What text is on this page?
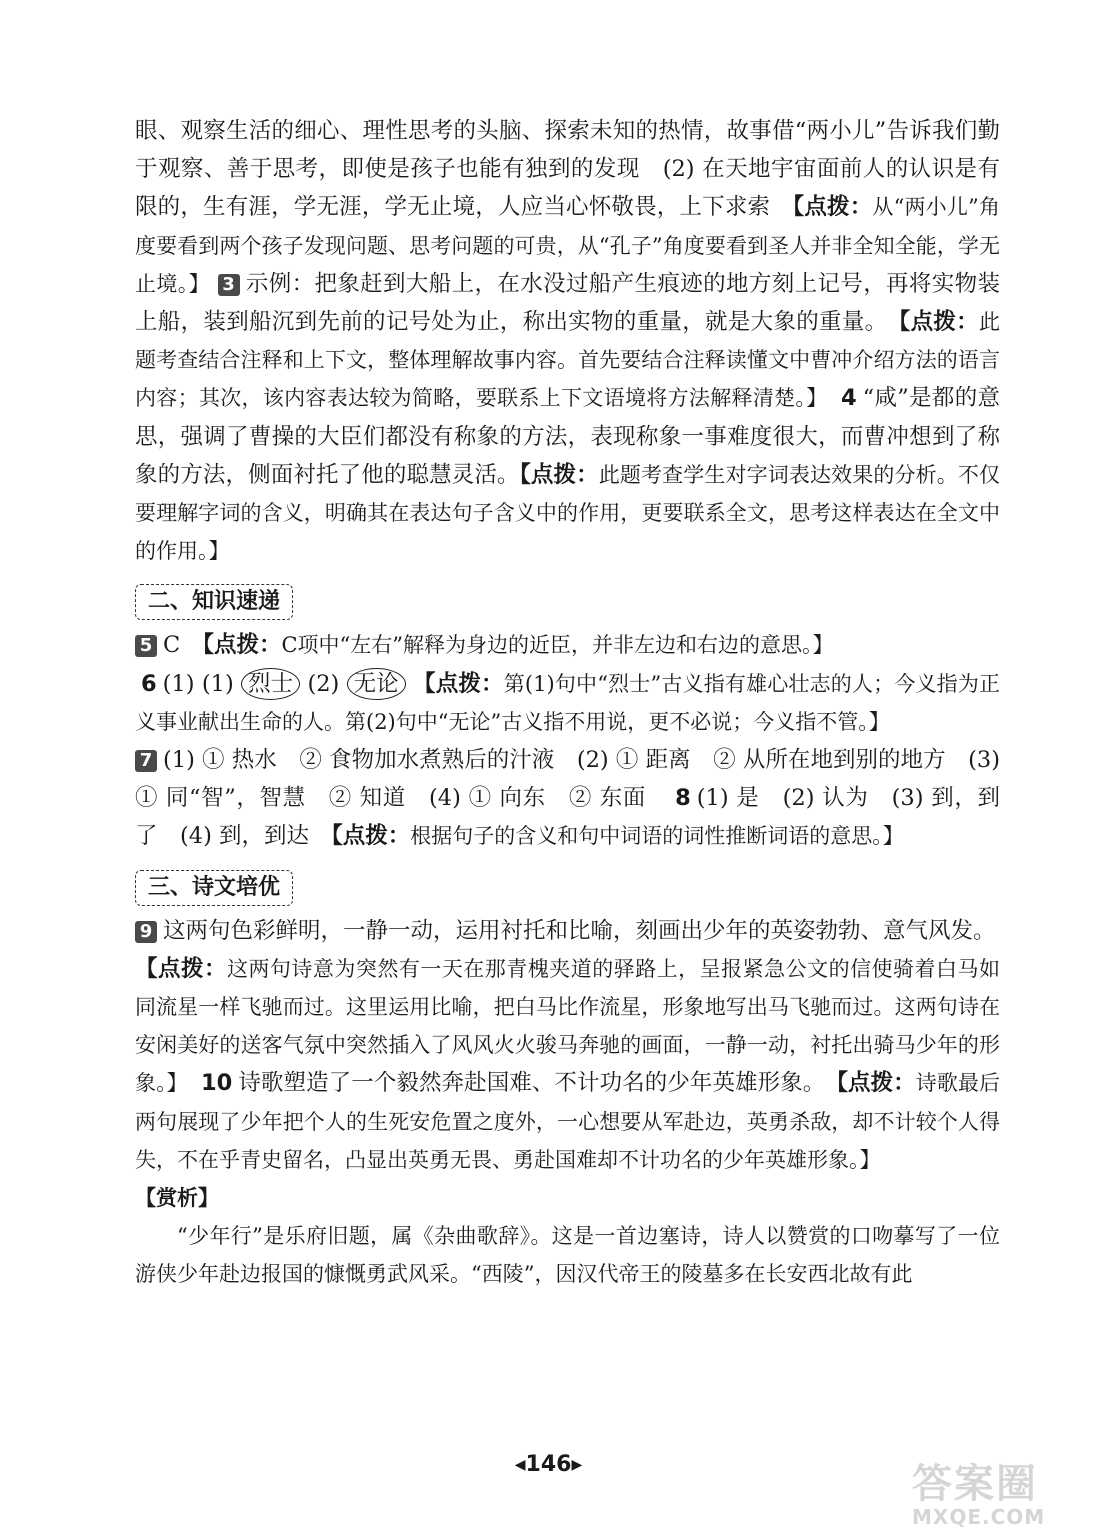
眼、观察生活的细心、理性思考的头脑、探索未知的热情，故事借“两小儿”告诉我们勤于观察、善于思考，即使是孩子也能有独到的发现　(2) 在天地宇宙面前人的认识是有限的，生有涯，学无涯，学无止境，人应当心怀敬畏，上下求索　【点拨：从“两小儿”角度要看到两个孩子发现问题、思考问题的可贵，从“孔子”角度要看到圣人并非全知全能，学无止境。】 3 示例：把象赶到大船上，在水没过船产生痕迹的地方刻上记号，再将实物装上船，装到船沉到先前的记号处为止，称出实物的重量，就是大象的重量。　【点拨：此题考查结合注释和上下文，整体理解故事内容。首先要结合注释读懂文中曹冲介绍方法的语言内容；其次，该内容表达较为简略，要联系上下文语境将方法解释清楚。】 4 “咸”是都的意思，强调了曹操的大臣们都没有称象的方法，表现称象一事难度很大，而曹冲想到了称象的方法，侧面衬托了他的聪慧灵活。【点拨：此题考查学生对字词表达效果的分析。不仅要理解字词的含义，明确其在表达句子含义中的作用，更要联系全文，思考这样表达在全文中的作用。】

二、知识速递

5 C　【点拨：C项中“左右”解释为身边的近臣，并非左边和右边的意思。】

6 (1) (1) 烈士 (2) 无论 【点拨：第(1)句中“烈士”古义指有雄心壮志的人；今义指为正义事业献出生命的人。第(2)句中“无论”古义指不用说，更不必说；今义指不管。】

7 (1) ① 热水　② 食物加水煮熟后的汁液　(2) ① 距离　② 从所在地到别的地方　(3) ① 同“智”，智慧　② 知道　(4) ① 向东　② 东面　8 (1) 是　(2) 认为　(3) 到，到了　(4) 到，到达　【点拨：根据句子的含义和句中词语的词性推断词语的意思。】

三、诗文培优

9 这两句色彩鲜明，一静一动，运用衬托和比喻，刻画出少年的英姿勃勃、意气风发。

【点拨：这两句诗意为突然有一天在那青槐夹道的驿路上，呈报紧急公文的信使骑着白马如同流星一样飞驰而过。这里运用比喻，把白马比作流星，形象地写出马飞驰而过。这两句诗在安闲美好的送客气氛中突然插入了风风火火骏马奔驰的画面，一静一动，衬托出骑马少年的形象。】 10 诗歌塑造了一个毅然奔赴国难、不计功名的少年英雄形象。　【点拨：诗歌最后两句展现了少年把个人的生死安危置之度外，一心想要从军赴边，英勇杀敌，却不计较个人得失，不在乎青史留名，凸显出英勇无畏、勇赴国难却不计功名的少年英雄形象。】

【赏析】

“少年行”是乐府旧题，属《杂曲歌辞》。这是一首边塞诗，诗人以赞赏的口吻摹写了一位游侠少年赴边报国的慷慨勇武风采。“西陵”，因汉代帝王的陵墓多在长安西北故有此

◀146▶	答案圈
MXQE.COM
